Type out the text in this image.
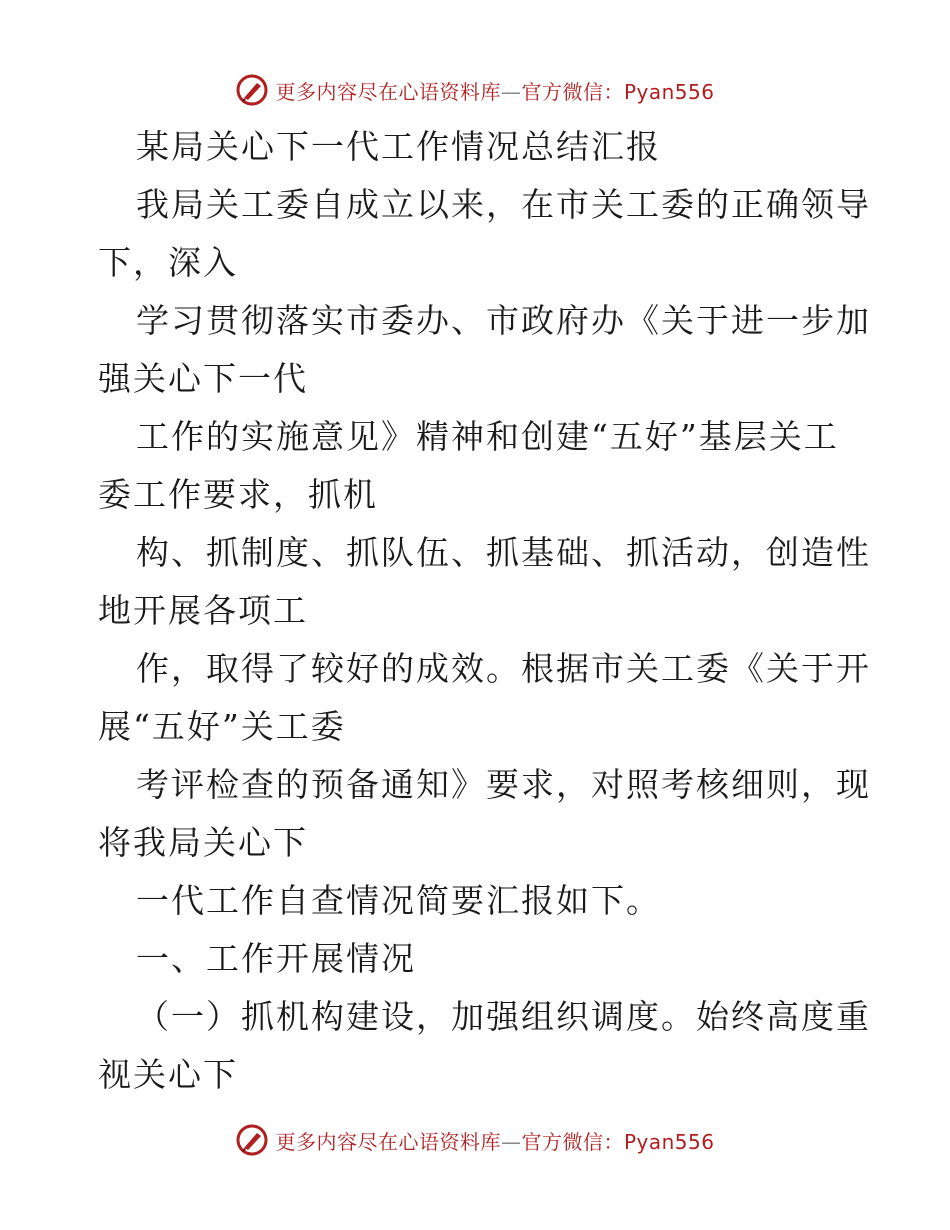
更多内容尽在心语资料库—官方微信：Pyan556
某局关心下一代工作情况总结汇报
我局关工委自成立以来，在市关工委的正确领导
下，深入
学习贯彻落实市委办、市政府办《关于进一步加
强关心下一代
工作的实施意见》精神和创建“五好”基层关工
委工作要求，抓机
构、抓制度、抓队伍、抓基础、抓活动，创造性
地开展各项工
作，取得了较好的成效。根据市关工委《关于开
展“五好”关工委
考评检查的预备通知》要求，对照考核细则，现
将我局关心下
一代工作自查情况简要汇报如下。
一、工作开展情况
（一）抓机构建设，加强组织调度。始终高度重
视关心下
更多内容尽在心语资料库—官方微信：Pyan556
